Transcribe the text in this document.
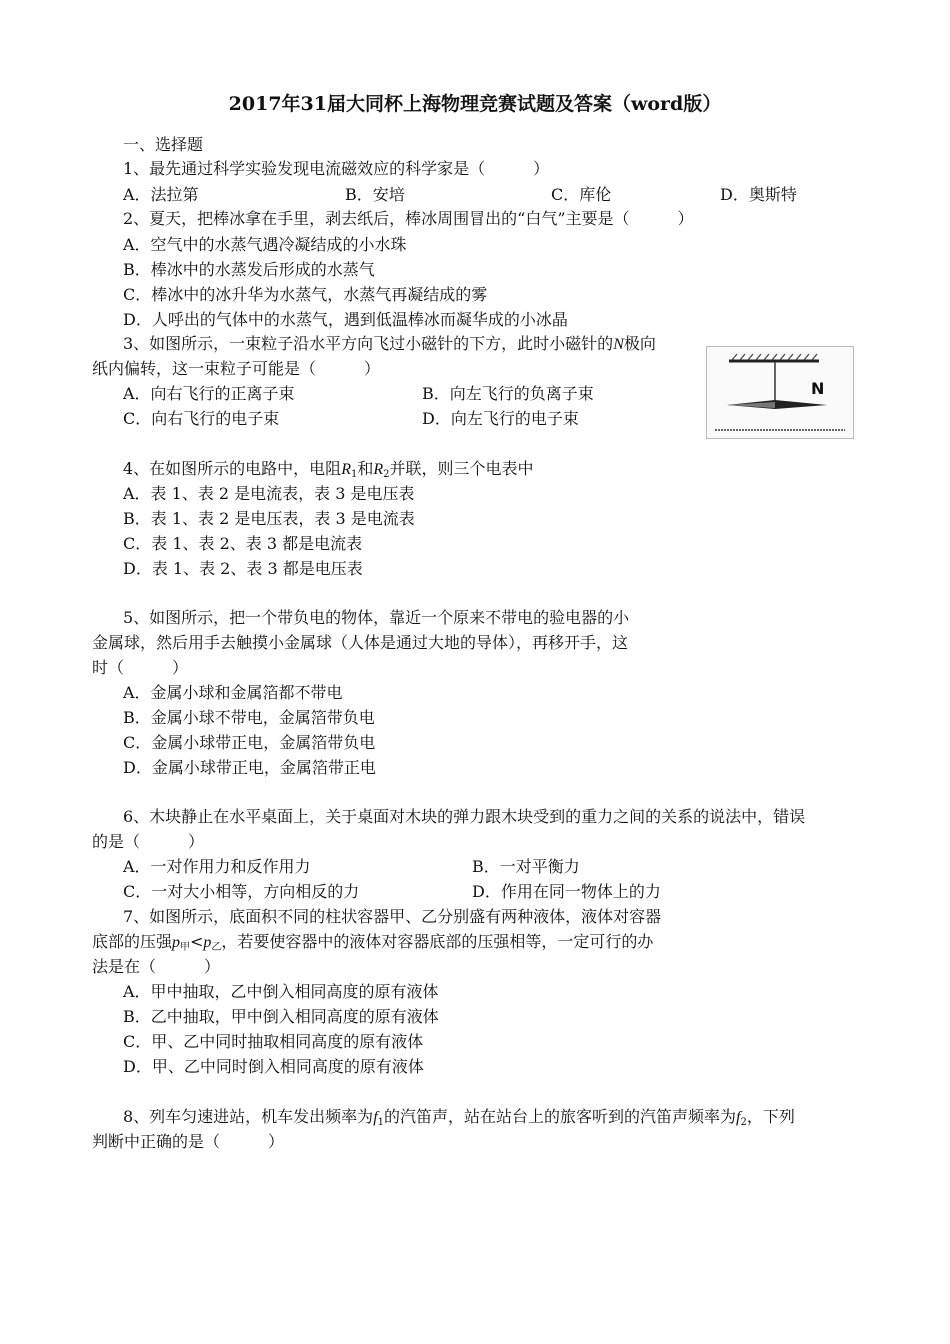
2017年31届大同杯上海物理竞赛试题及答案（word版）
一、选择题
1、最先通过科学实验发现电流磁效应的科学家是（　　　）
A．法拉第	B．安培	C．库伦	D．奥斯特
2、夏天，把棒冰拿在手里，剥去纸后，棒冰周围冒出的“白气”主要是（　　　）
A．空气中的水蒸气遇冷凝结成的小水珠
B．棒冰中的水蒸发后形成的水蒸气
C．棒冰中的冰升华为水蒸气，水蒸气再凝结成的雾
D．人呼出的气体中的水蒸气，遇到低温棒冰而凝华成的小冰晶
3、如图所示，一束粒子沿水平方向飞过小磁针的下方，此时小磁针的N极向
纸内偏转，这一束粒子可能是（　　　）
A．向右飞行的正离子束	B．向左飞行的负离子束
C．向右飞行的电子束	D．向左飞行的电子束
N
4、在如图所示的电路中，电阻$R_1$和$R_2$并联，则三个电表中
A．表 1、表 2 是电流表，表 3 是电压表
B．表 1、表 2 是电压表，表 3 是电流表
C．表 1、表 2、表 3 都是电流表
D．表 1、表 2、表 3 都是电压表
5、如图所示，把一个带负电的物体，靠近一个原来不带电的验电器的小
金属球，然后用手去触摸小金属球（人体是通过大地的导体），再移开手，这
时（　　　）
A．金属小球和金属箔都不带电
B．金属小球不带电，金属箔带负电
C．金属小球带正电，金属箔带负电
D．金属小球带正电，金属箔带正电
6、木块静止在水平桌面上，关于桌面对木块的弹力跟木块受到的重力之间的关系的说法中，错误
的是（　　　）
A．一对作用力和反作用力	B．一对平衡力
C．一对大小相等，方向相反的力	D．作用在同一物体上的力
7、如图所示，底面积不同的柱状容器甲、乙分别盛有两种液体，液体对容器
底部的压强$p_甲<p_乙$，若要使容器中的液体对容器底部的压强相等，一定可行的办
法是在（　　　）
A．甲中抽取，乙中倒入相同高度的原有液体
B．乙中抽取，甲中倒入相同高度的原有液体
C．甲、乙中同时抽取相同高度的原有液体
D．甲、乙中同时倒入相同高度的原有液体
8、列车匀速进站，机车发出频率为$f_1$的汽笛声，站在站台上的旅客听到的汽笛声频率为$f_2$，下列
判断中正确的是（　　　）
